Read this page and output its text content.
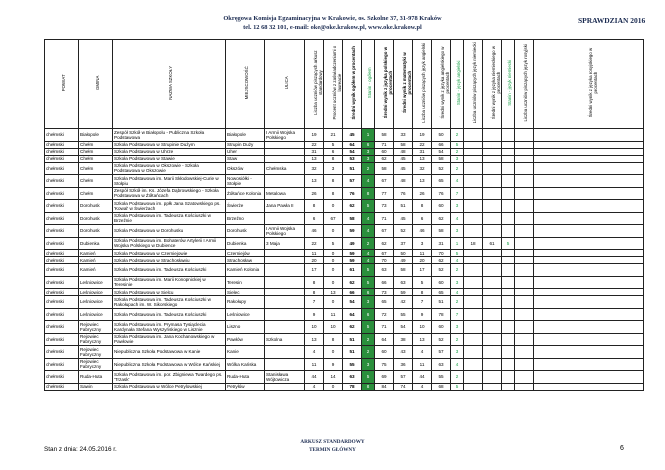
Okręgowa Komisja Egzaminacyjna w Krakowie, os. Szkolne 37, 31-978 Kraków
tel. 12 68 32 101, e-mail: oke@oke.krakow.pl, www.oke.krakow.pl
SPRAWDZIAN 2016
POWIAT	GMINA	NAZWA SZKOŁY	MIEJSCOWOŚĆ	ULICA	Liczba uczniów piszących arkusz standardowy	Procent uczniów z zaświadczeniami o laureacie	Średni wynik ogółem w procentach	Stanin - ogółem	Średni wynik z języka polskiego w procentach	Średni wynik z matematyki w procentach	Liczba uczniów piszących język angielski	Średni wynik z języka angielskiego w procentach	Stanin - język angielski	Liczba uczniów piszących język niemiecki	Średni wynik z języka niemieckiego w procentach	Stanin - język niemiecki	Liczba uczniów piszących język rosyjski	Średni wynik z języka rosyjskiego w procentach

chełmski	Białopole	Zespół Szkół w Białopolu - Publiczna Szkoła Podstawowa	Białopole	I Armii Wojska Polskiego	19	21	45	1	58	33	19	50	2					
chełmski	Chełm	Szkoła Podstawowa w Strupinie Dużym	Strupin Duży		22	5	64	6	71	58	22	66	5					
chełmski	Chełm	Szkoła Podstawowa w Uhrze	Uher		31	6	54	3	60	48	31	54	2					
chełmski	Chełm	Szkoła Podstawowa w Stawie	Staw		13	8	53	3	62	45	13	58	3					
chełmski	Chełm	Szkoła Podstawowa w Okszowie - Szkoła Podstawowa w Okszowie	Okszów	Chełmska	32	3	51	2	58	45	32	52	2					
chełmski	Chełm	Szkoła Podstawowa im. Marii Skłodowskiej-Curie w Stołpiu	Nowosiółki - Stołpie		13	8	57	4	67	48	13	65	4					
chełmski	Chełm	Zespół Szkół im. Ks. Józefa Dąbrowskiego - Szkoła Podstawowa w Żółtańcach	Żółtańce Kolonia	Metalowa	26	8	76	8	77	76	26	76	7					
chełmski	Dorohusk	Szkoła Podstawowa im. ppłk Jana Szatowskiego ps. 'Kowal' w Świerżach	Świerże	Jana Pawła II	8	0	62	5	73	51	8	60	3					
chełmski	Dorohusk	Szkoła Podstawowa im. Tadeusza Kościuszki w Brzeźnie	Brzeźno		6	67	58	4	71	45	6	62	4					
chełmski	Dorohusk	Szkoła Podstawowa w Dorohusku	Dorohusk	I Armii Wojska Polskiego	46	0	59	4	67	52	46	58	3					
chełmski	Dubienka	Szkoła Podstawowa im. Bohaterów Artylerii I Armii Wojska Polskiego w Dubience	Dubienka	3 Maja	22	5	49	2	62	37	3	31	1	18	61	5		
chełmski	Kamień	Szkoła Podstawowa w Czerniejowie	Czerniejów		11	0	59	4	67	50	11	70	5					
chełmski	Kamień	Szkoła Podstawowa w Strachosławiu	Strachosław		20	0	59	4	70	49	20	62	4					
chełmski	Kamień	Szkoła Podstawowa im. Tadeusza Kościuszki	Kamień Kolonia		17	0	61	5	63	58	17	52	2					
chełmski	Leśniowice	Szkoła Podstawowa im. Marii Konopnickiej w Teresinie	Teresin		8	0	62	5	66	63	5	60	3					
chełmski	Leśniowice	Szkoła Podstawowa w Sielcu	Sielec		8	13	66	6	73	59	8	65	4					
chełmski	Leśniowice	Szkoła Podstawowa im. Tadeusza Kościuszki w Rakołupach im. W. Sikorskiego	Rakołupy		7	0	54	3	65	42	7	51	2					
chełmski	Leśniowice	Szkoła Podstawowa im. Tadeusza Kościuszki	Leśniowice		9	11	64	6	72	55	9	78	7					
chełmski	Rejowiec Fabryczny	Szkoła Podstawowa im. Prymasa Tysiąclecia Kardynała Stefana Wyszyńskiego w Lisznie	Liszno		10	10	62	5	71	54	10	60	3					
chełmski	Rejowiec Fabryczny	Szkoła Podstawowa im. Jana Kochanowskiego w Pawłowie	Pawłów	Szkolna	13	8	51	2	64	38	13	52	2					
chełmski	Rejowiec Fabryczny	Niepubliczna Szkoła Podstawowa w Kanie	Kanie		4	0	51	2	60	43	4	57	3					
chełmski	Rejowiec Fabryczny	Niepubliczna Szkoła Podstawowa w Wólce Kańskiej	Wólka Kańska		11	9	55	3	75	36	11	63	4					
chełmski	Ruda-Huta	Szkoła Podstawowa im. por. Zbigniewa Twardego ps. 'Trzask'	Ruda-Huta	Stanisława Wójtowicza	44	14	63	5	69	57	44	55	2					
chełmski	Sawin	Szkoła Podstawowa w Wólce Petrylowskiej	Petryłów		4	0	78	8	84	74	4	68	5					
Stan z dnia: 24.05.2016 r.
ARKUSZ STANDARDOWY
TERMIN GŁÓWNY	6
